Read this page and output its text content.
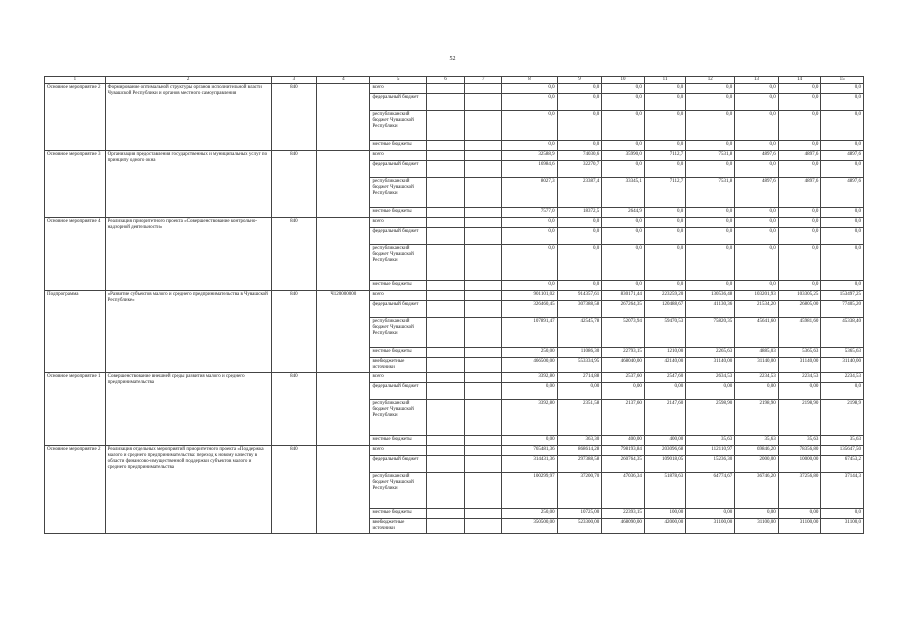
52
1	2	3	4	5	6	7	8	9	10	11	12	13	14	15
Основное мероприятие 2	Формирование оптимальной структуры органов исполнительной власти Чувашской Республики и органов местного самоуправления	840		всего			0,0	0,0	0,0	0,0	0,0	0,0	0,0	0,0
				федеральный бюджет			0,0	0,0	0,0	0,0	0,0	0,0	0,0	0,0
				республиканский бюджет Чувашской Республики			0,0	0,0	0,0	0,0	0,0	0,0	0,0	0,0
				местные бюджеты			0,0	0,0	0,0	0,0	0,0	0,0	0,0	0,0
Основное мероприятие 3	Организация предоставления государственных и муниципальных услуг по принципу одного окна	840		всего			32588,9	74030,6	35990,0	7112,7	7531,8	4897,6	4897,6	4897,6
				федеральный бюджет			16984,6	32270,7	0,0	0,0	0,0	0,0	0,0	0,0
				республиканский бюджет Чувашской Республики			8027,3	23387,4	33345,1	7112,7	7531,8	4897,6	4897,6	4897,6
				местные бюджеты			7577,0	18372,5	2644,9	0,0	0,0	0,0	0,0	0,0
Основное мероприятие 4	Реализация приоритетного проекта «Совершенствование контрольно-надзорной деятельности»	840		всего			0,0	0,0	0,0	0,0	0,0	0,0	0,0	0,0
				федеральный бюджет			0,0	0,0	0,0	0,0	0,0	0,0	0,0	0,0
				республиканский бюджет Чувашской Республики			0,0	0,0	0,0	0,0	0,0	0,0	0,0	0,0
				местные бюджеты			0,0	0,0	0,0	0,0	0,0	0,0	0,0	0,0
Подпрограмма	«Развитие субъектов малого и среднего предпринимательства в Чувашской Республике»	840	Ч120000000	всего			901101,02	914357,61	830171,44	223259,20	130536,48	103201,93	103305,25	153497,25
				федеральный бюджет			326460,45	307388,58	267264,35	120488,67	41130,36	21534,20	26805,00	77405,20
				республиканский бюджет Чувашской Республики			107891,47	42545,78	52073,94	59470,53	75820,35	45641,60	45981,60	45338,40
				местные бюджеты			250,00	11086,30	22793,15	1210,00	2265,63	4885,03	5365,63	5365,63
				внебюджетные источники			466500,00	553334,95	468040,00	42140,00	31140,00	31140,00	31140,00	31140,00
Основное мероприятие 1	Совершенствование внешней среды развития малого и среднего предпринимательства	840		всего			3392,80	2714,88	2537,60	2547,60	2634,53	2234,53	2234,53	2234,53
				федеральный бюджет			0,00	0,00	0,00	0,00	0,00	0,00	0,00	0,0
				республиканский бюджет Чувашской Республики			3392,80	2351,58	2137,60	2147,60	2598,90	2198,90	2198,90	2198,9
				местные бюджеты			0,00	363,30	400,00	400,00	35,63	35,63	35,63	35,63
Основное мероприятие 2	Реализация отдельных мероприятий приоритетного проекта «Поддержка малого и среднего предпринимательства: переход к новому качеству в области финансово-имущественной поддержки субъектов малого и среднего предпринимательства	840		всего			765481,36	868614,28	798193,84	203096,68	112110,97	69846,20	78356,80	135647,50
				федеральный бюджет			314431,36	297388,58	260764,35	109018,05	15236,30	2000,00	10000,00	67453,2
				республиканский бюджет Чувашской Республики			100299,97	37200,70	47036,34	51878,63	64774,67	36746,20	37256,80	37144,3
				местные бюджеты			250,00	10725,00	22393,15	100,00	0,00	0,00	0,00	0,0
				внебюджетные источники			350500,00	523300,00	468090,00	42000,00	31100,00	31100,00	31100,00	31100,0
